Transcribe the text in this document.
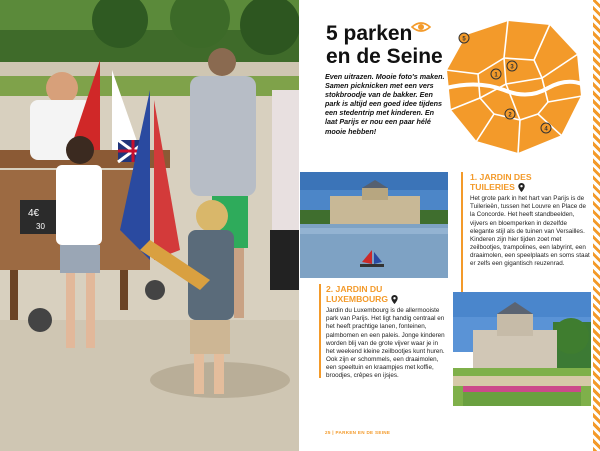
4€
30
5 parken
en de Seine

Even uitrazen. Mooie foto's maken. Samen picknicken met een vers stokbroodje van de bakker. Een park is altijd een goed idee tijdens een stedentrip met kinderen. En laat Parijs er nou een paar hélé mooie hebben!

1
2
3
4
5
1. JARDIN DES
TUILERIES

Het grote park in het hart van Parijs is de Tuilerieën, tussen het Louvre en Place de la Concorde. Het heeft standbeelden, vijvers en bloemperken in dezelfde elegante stijl als de tuinen van Versailles. Kinderen zijn hier tijden zoet met zeilbootjes, trampolines, een labyrint, een draaimolen, een speelplaats en soms staat er zelfs een gigantisch reuzenrad.

2. JARDIN DU
LUXEMBOURG

Jardin du Luxembourg is de allermooiste park van Parijs. Het ligt handig centraal en het heeft prachtige lanen, fonteinen, palmbomen en een paleis. Jonge kinderen worden blij van de grote vijver waar je in het weekend kleine zeilbootjes kunt huren. Ook zijn er schommels, een draaimolen, een speeltuin en kraampjes met koffie, broodjes, crêpes en ijsjes.

25 | PARKEN EN DE SEINE
